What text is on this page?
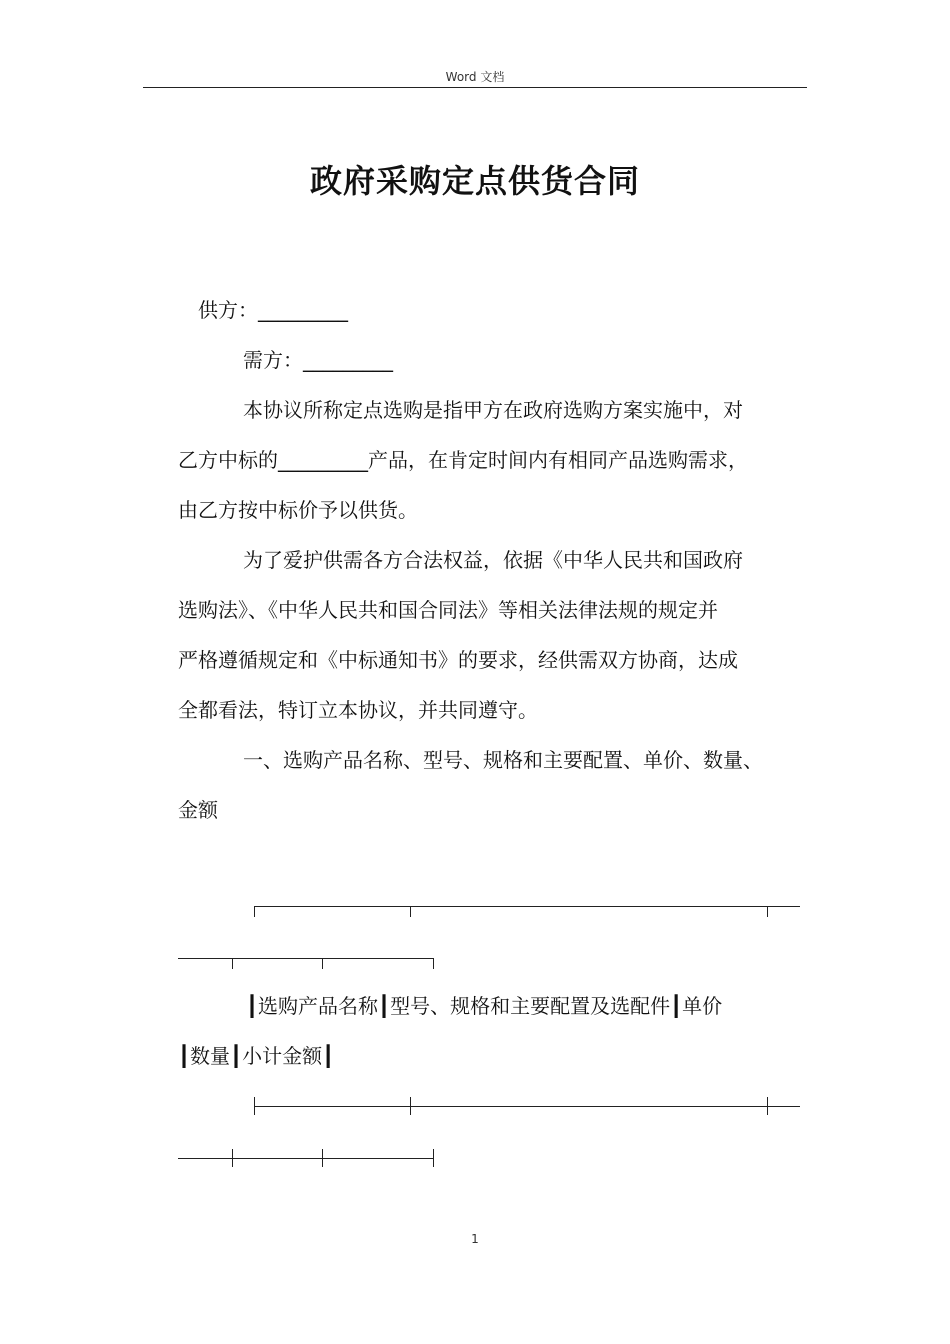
Word 文档
政府采购定点供货合同
供方：_________
需方：_________
本协议所称定点选购是指甲方在政府选购方案实施中，对
乙方中标的_________产品，在肯定时间内有相同产品选购需求，
由乙方按中标价予以供货。
为了爱护供需各方合法权益，依据《中华人民共和国政府
选购法》、《中华人民共和国合同法》等相关法律法规的规定并
严格遵循规定和《中标通知书》的要求，经供需双方协商，达成
全都看法，特订立本协议，并共同遵守。
一、选购产品名称、型号、规格和主要配置、单价、数量、
金额
┃选购产品名称┃型号、规格和主要配置及选配件┃单价
┃数量┃小计金额┃
1
